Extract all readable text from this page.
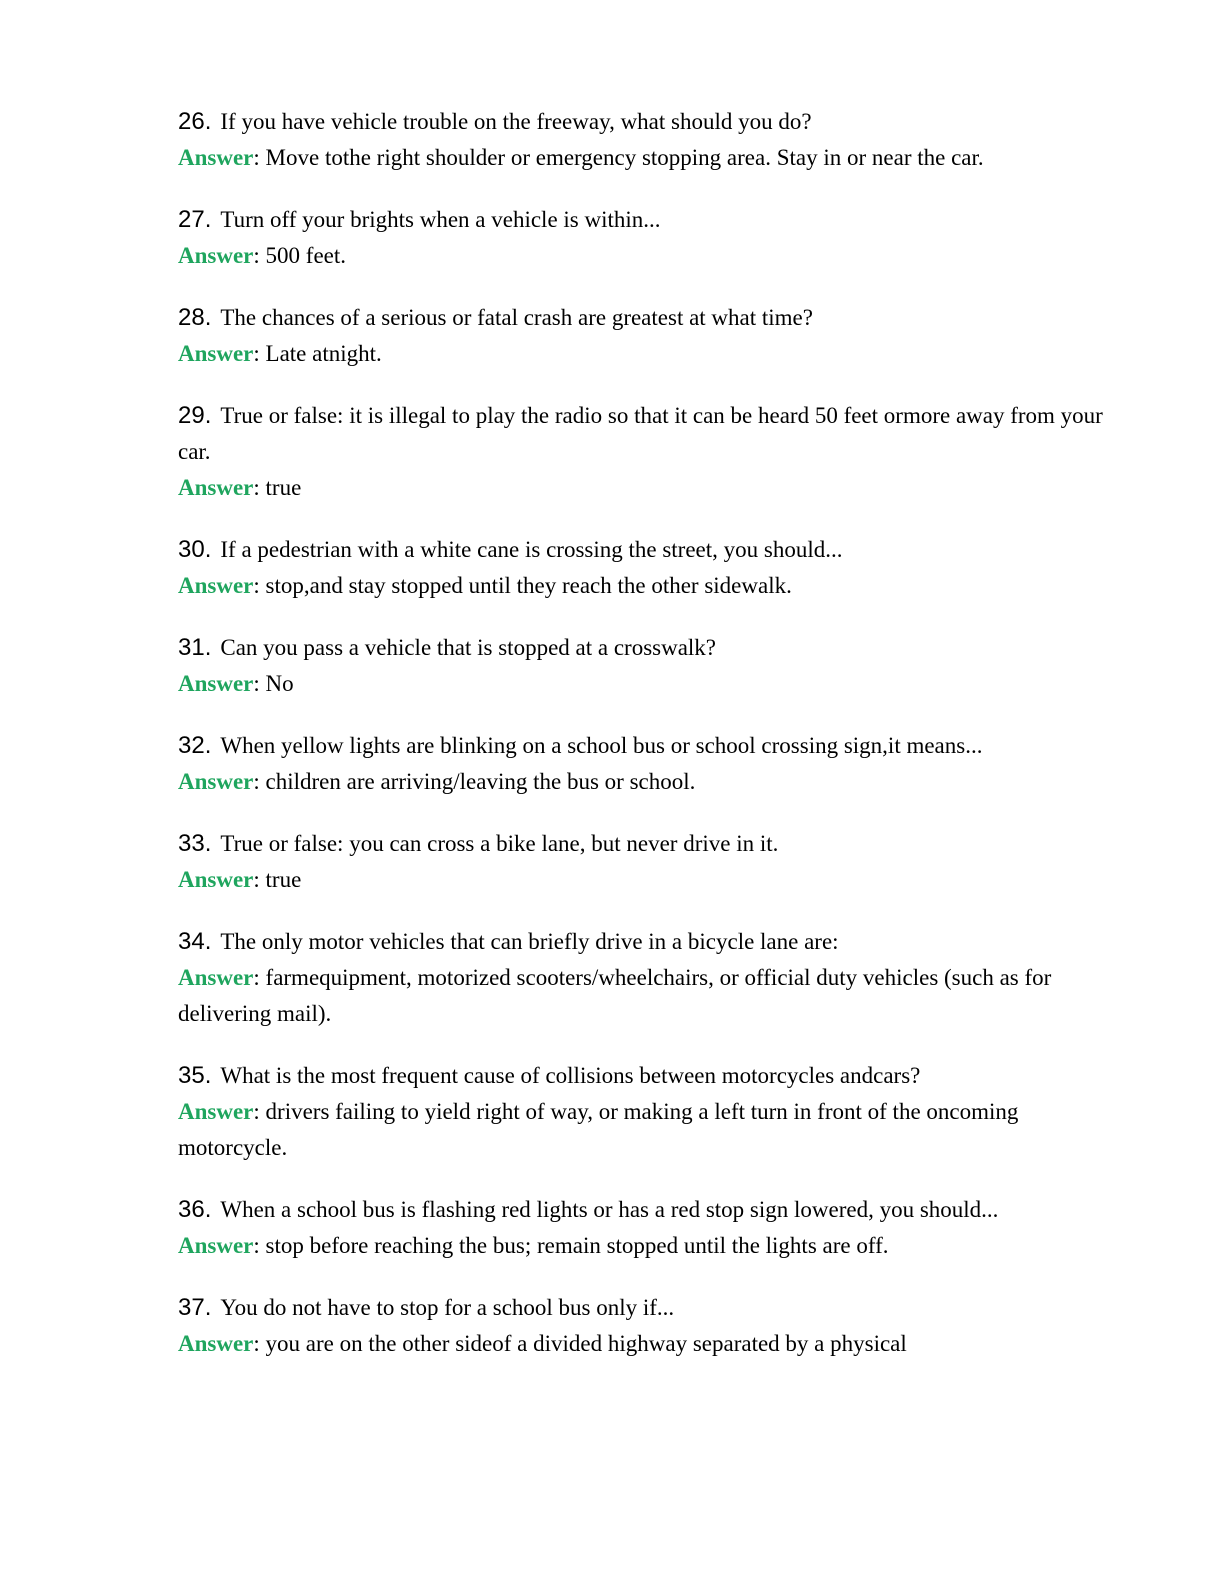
26. If you have vehicle trouble on the freeway, what should you do?
Answer: Move tothe right shoulder or emergency stopping area. Stay in or near the car.
27. Turn off your brights when a vehicle is within...
Answer: 500 feet.
28. The chances of a serious or fatal crash are greatest at what time?
Answer: Late atnight.
29. True or false: it is illegal to play the radio so that it can be heard 50 feet ormore away from your car.
Answer: true
30. If a pedestrian with a white cane is crossing the street, you should...
Answer: stop,and stay stopped until they reach the other sidewalk.
31. Can you pass a vehicle that is stopped at a crosswalk?
Answer: No
32. When yellow lights are blinking on a school bus or school crossing sign,it means...
Answer: children are arriving/leaving the bus or school.
33. True or false: you can cross a bike lane, but never drive in it.
Answer: true
34. The only motor vehicles that can briefly drive in a bicycle lane are:
Answer: farmequipment, motorized scooters/wheelchairs, or official duty vehicles (such as for delivering mail).
35. What is the most frequent cause of collisions between motorcycles andcars?
Answer: drivers failing to yield right of way, or making a left turn in front of the oncoming motorcycle.
36. When a school bus is flashing red lights or has a red stop sign lowered, you should...
Answer: stop before reaching the bus; remain stopped until the lights are off.
37. You do not have to stop for a school bus only if...
Answer: you are on the other sideof a divided highway separated by a physical
